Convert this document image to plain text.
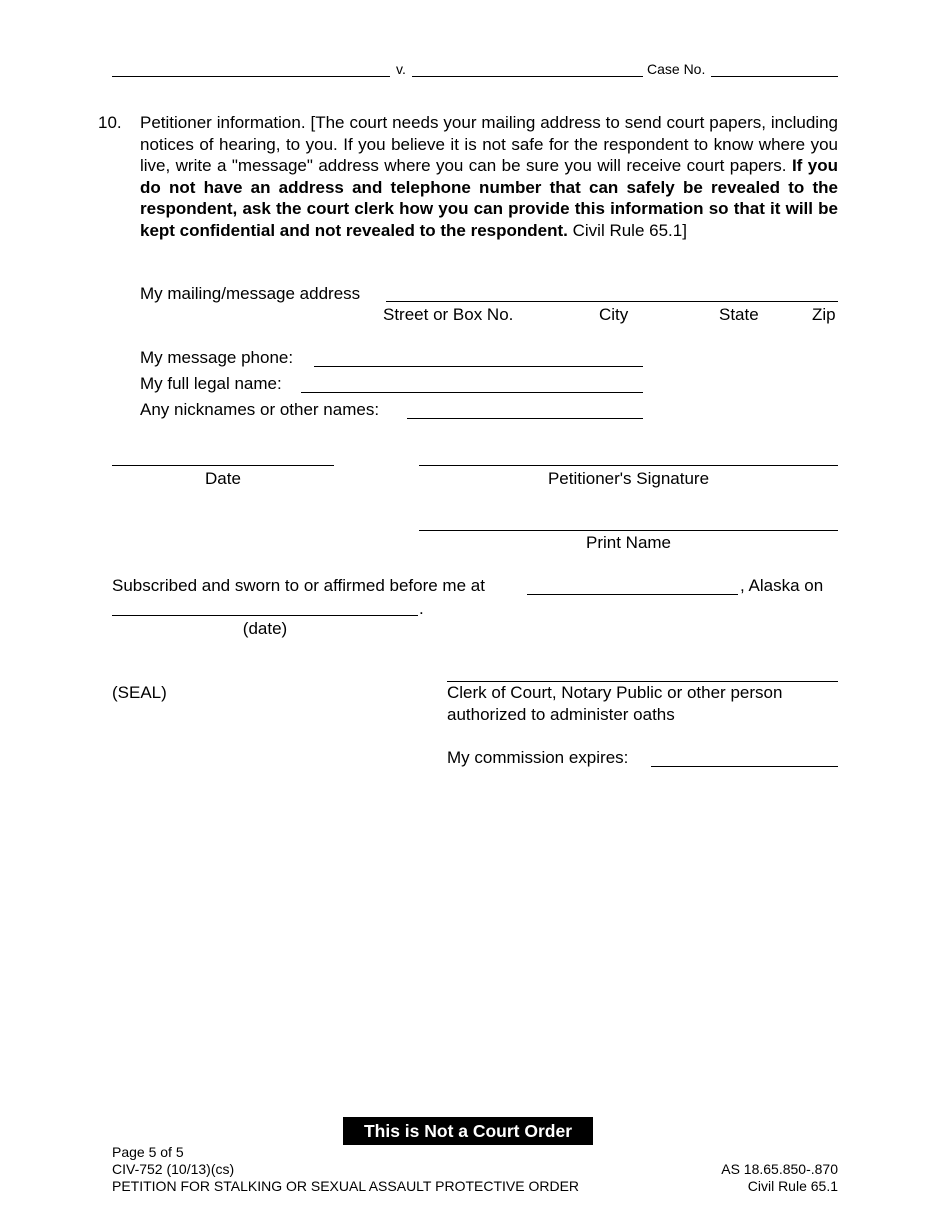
v.	Case No.
10. Petitioner information. [The court needs your mailing address to send court papers, including notices of hearing, to you. If you believe it is not safe for the respondent to know where you live, write a "message" address where you can be sure you will receive court papers. If you do not have an address and telephone number that can safely be revealed to the respondent, ask the court clerk how you can provide this information so that it will be kept confidential and not revealed to the respondent. Civil Rule 65.1]
My mailing/message address
Street or Box No.	City	State	Zip
My message phone:
My full legal name:
Any nicknames or other names:
Date	Petitioner's Signature
Print Name
Subscribed and sworn to or affirmed before me at	, Alaska on
.
(date)
(SEAL)	Clerk of Court, Notary Public or other person
authorized to administer oaths
My commission expires:
This is Not a Court Order
Page 5 of 5
CIV-752 (10/13)(cs)
PETITION FOR STALKING OR SEXUAL ASSAULT PROTECTIVE ORDER
AS 18.65.850-.870
Civil Rule 65.1
